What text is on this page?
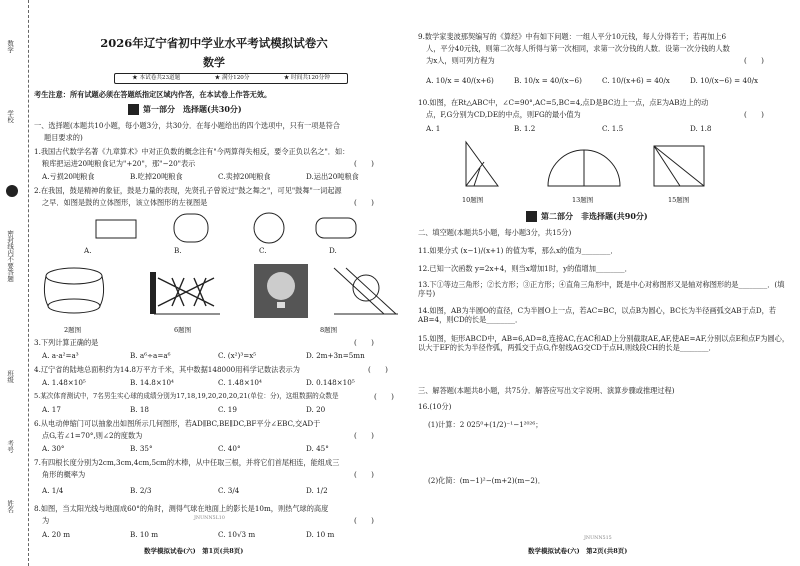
数学
学校
密封线内不要答题
班级
考号
姓名
2026年辽宁省初中学业水平考试模拟试卷六
数学
★ 本试卷共23道题	★ 满分120分	★ 时间共120分钟
考生注意：所有试题必须在答题纸指定区域内作答，在本试卷上作答无效。
第一部分　选择题(共30分)
一、选择题(本题共10小题，每小题3分，共30分．在每小题给出的四个选项中，只有一项是符合
题目要求的)
1.我国古代数学名著《九章算术》中对正负数的概念注有"今两算得失相反，要令正负以名之"．如：
粮库把运进20吨粮食记为"+20"，那"−20"表示	(　　)
A.亏损20吨粮食	B.吃掉20吨粮食	C.卖掉20吨粮食	D.运出20吨粮食
2.在我国，鼓是精神的象征，鼓是力量的表现，先贤孔子曾说过"鼓之舞之"，可见"鼓舞"一词起源
之早．如图是鼓的立体图形，该立体图形的左视图是	(　　)
A.	B.	C.	D.
2题图	6题图	8题图
3.下列计算正确的是	(　　)
A. a·a²=a³	B. a⁶÷a=a⁶	C. (x²)³=x⁵	D. 2m+3n=5mn
4.辽宁省的陆地总面积约为14.8万平方千米，其中数据148000用科学记数法表示为	(　　)
A. 1.48×10⁵	B. 14.8×10⁴	C. 1.48×10⁴	D. 0.148×10⁵
5.某次体育测试中，7名男生实心球的成绩分别为17,18,19,20,20,20,21(单位：分)，这组数据的众数是	(　　)
A. 17	B. 18	C. 19	D. 20
6.从电动伸缩门可以抽象出如图所示几何图形，若AD∥BC,BE∥DC,BF平分∠EBC,交AD于
点G,若∠1=70°,则∠2的度数为	(　　)
A. 30°	B. 35°	C. 40°	D. 45°
7.有四根长度分别为2cm,3cm,4cm,5cm的木棒，从中任取三根，并将它们首尾相连，能组成三
角形的概率为	(　　)
A. 1/4	B. 2/3	C. 3/4	D. 1/2
8.如图，当太阳光线与地面成60°的角时，测得气球在地面上的影长是10m，则热气球的高度
为	(　　)
A. 20 m	B. 10 m	C. 10√3 m	D. 10 m
JNUNN5L10
数学模拟试卷(六)　第1页(共8页)
9.数学家斐波那契编写的《算经》中有如下问题：一组人平分10元钱，每人分得若干；若再加上6
人，平分40元钱，则第二次每人所得与第一次相同，求第一次分钱的人数．设第一次分钱的人数
为x人，则可列方程为	(　　)
A. 10/x = 40/(x+6)	B. 10/x = 40/(x−6)	C. 10/(x+6) = 40/x	D. 10/(x−6) = 40/x
10.如图，在Rt△ABC中，∠C=90°,AC=5,BC=4,点D是BC边上一点，点E为AB边上的动
点，F,G分别为CD,DE的中点，则FG的最小值为	(　　)
A. 1	B. 1.2	C. 1.5	D. 1.8
10题图	13题图	15题图
第二部分　非选择题(共90分)
二、填空题(本题共5小题，每小题3分，共15分)
11.如果分式 (x−1)/(x+1) 的值为零，那么x的值为________．
12.已知一次函数 y=2x+4，则当x增加1时，y的值增加________．
13.下①等边三角形；②长方形；③正方形；④直角三角形中，既是中心对称图形又是轴对称图形的是________．(填序号)
14.如图，AB为半圆O的直径，C为半圆O上一点，若AC=BC，以点B为圆心，BC长为半径画弧交AB于点D，若AB=4，则CD的长是________．
15.如图，矩形ABCD中，AB=6,AD=8,连接AC,在AC和AD上分别截取AE,AF,使AE=AF,分别以点E和点F为圆心，以大于EF的长为半径作弧，两弧交于点G,作射线AG交CD于点H,则线段CH的长是________．
三、解答题(本题共8小题，共75分．解答应写出文字说明、演算步骤或推理过程)
16.(10分)
(1)计算：2 025⁰+(1/2)⁻¹−1²⁰²⁶；
(2)化简：(m−1)²−(m+2)(m−2)．
JNUNN515
数学模拟试卷(六)　第2页(共8页)
